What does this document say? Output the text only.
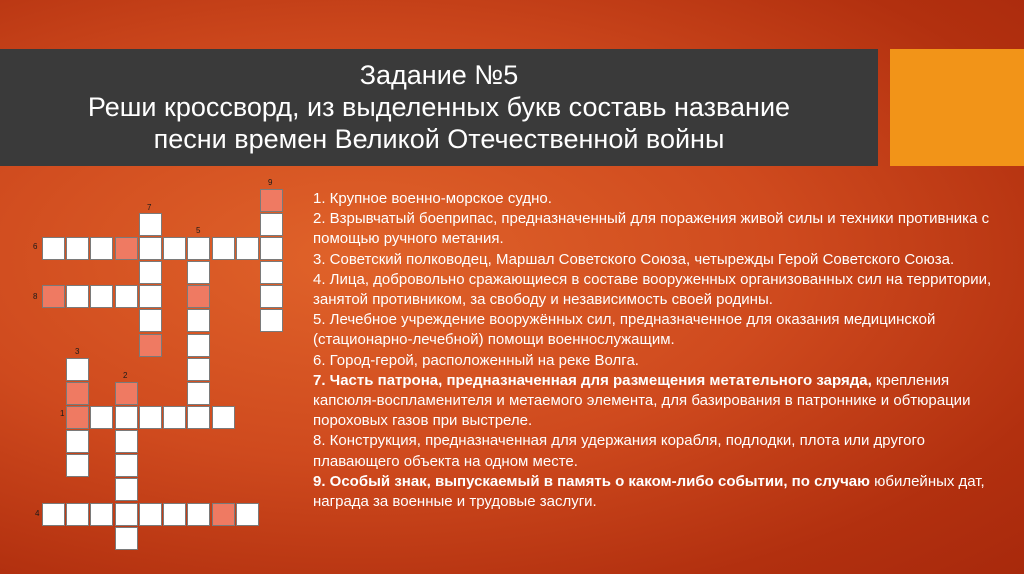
Задание №5
Реши кроссворд, из выделенных букв составь название
песни времен Великой Отечественной войны
9
7
5
6
8
3
2
1
4

1. Крупное военно-морское судно.

2. Взрывчатый боеприпас, предназначенный для поражения живой силы и техники противника с помощью ручного метания.

3. Советский полководец, Маршал Советского Союза, четырежды Герой Советского Союза.

4. Лица, добровольно сражающиеся в составе вооруженных организованных сил на территории, занятой противником, за свободу и независимость своей родины.

5. Лечебное учреждение вооружённых сил, предназначенное для оказания медицинской (стационарно-лечебной) помощи военнослужащим.

6. Город-герой, расположенный на реке Волга.

7. Часть патрона, предназначенная для размещения метательного заряда, крепления капсюля-воспламенителя и метаемого элемента, для базирования в патроннике и обтюрации пороховых газов при выстреле.

8. Конструкция, предназначенная для удержания корабля, подлодки, плота или другого плавающего объекта на одном месте.

9. Особый знак, выпускаемый в память о каком-либо событии, по случаю юбилейных дат, награда за военные и трудовые заслуги.
